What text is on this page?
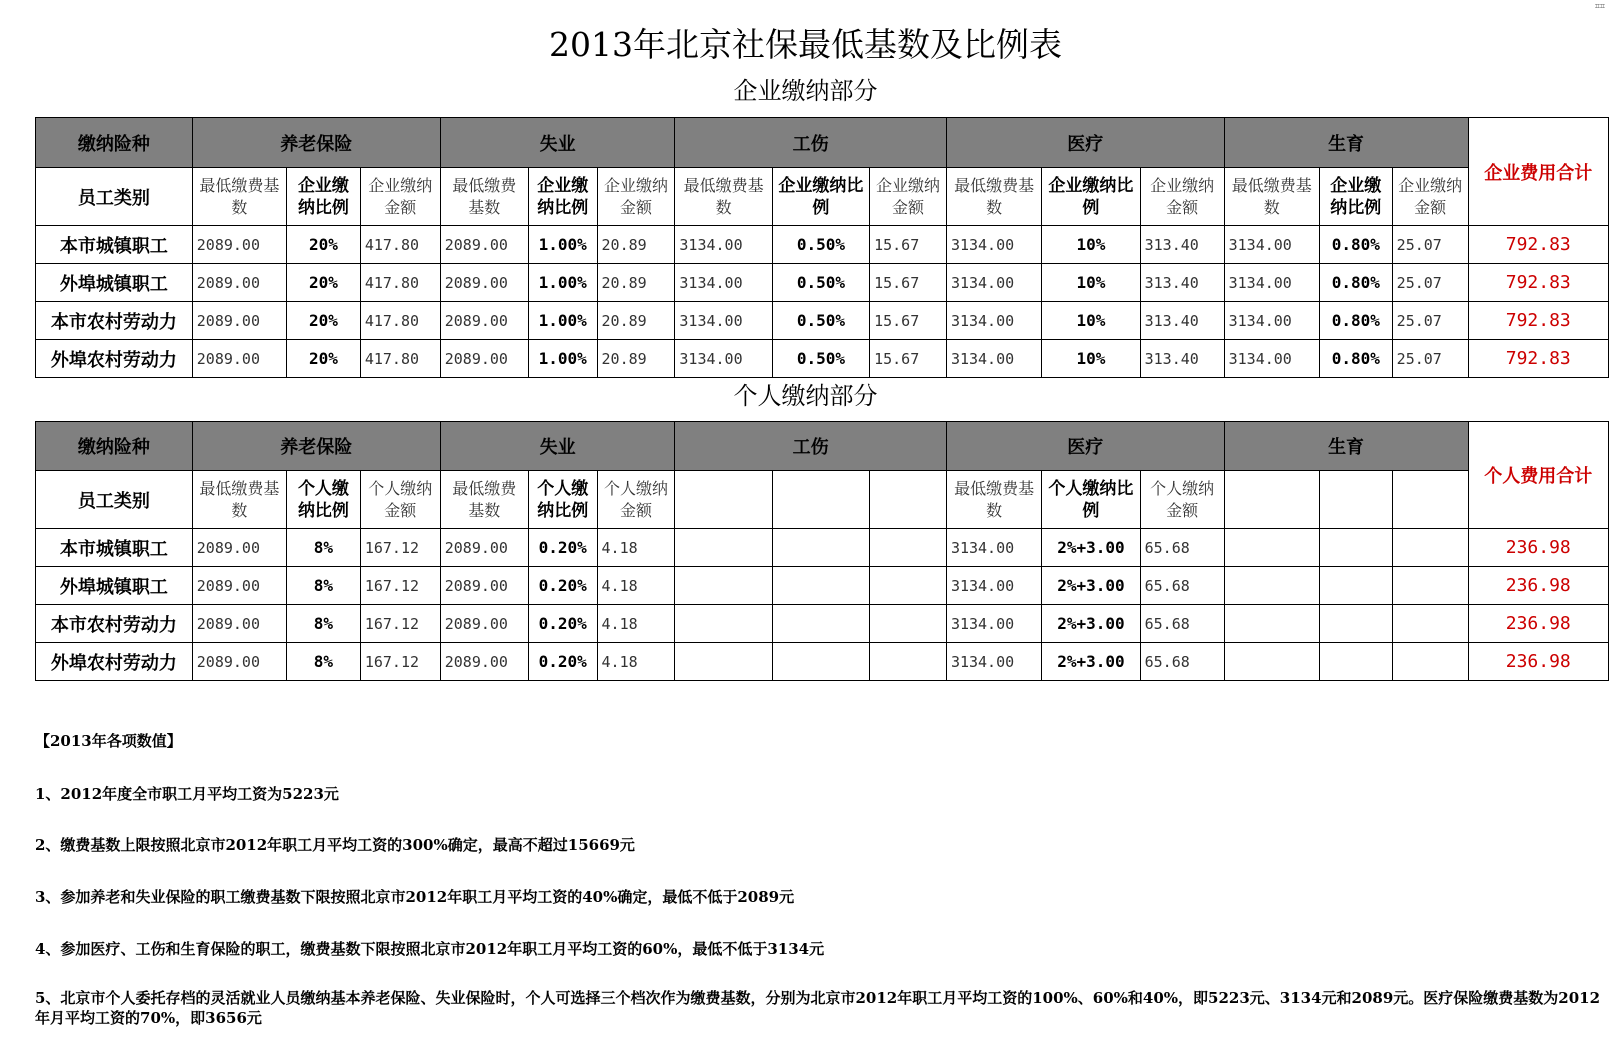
⌗⌗
2013年北京社保最低基数及比例表
企业缴纳部分
缴纳险种	养老保险			失业			工伤			医疗			生育			企业费用合计
员工类别	最低缴费基数	企业缴纳比例	企业缴纳金额	最低缴费基数	企业缴纳比例	企业缴纳金额	最低缴费基数	企业缴纳比例	企业缴纳金额	最低缴费基数	企业缴纳比例	企业缴纳金额	最低缴费基数	企业缴纳比例	企业缴纳金额	
本市城镇职工	2089.00	20%	417.80	2089.00	1.00%	20.89	3134.00	0.50%	15.67	3134.00	10%	313.40	3134.00	0.80%	25.07	792.83
外埠城镇职工	2089.00	20%	417.80	2089.00	1.00%	20.89	3134.00	0.50%	15.67	3134.00	10%	313.40	3134.00	0.80%	25.07	792.83
本市农村劳动力	2089.00	20%	417.80	2089.00	1.00%	20.89	3134.00	0.50%	15.67	3134.00	10%	313.40	3134.00	0.80%	25.07	792.83
外埠农村劳动力	2089.00	20%	417.80	2089.00	1.00%	20.89	3134.00	0.50%	15.67	3134.00	10%	313.40	3134.00	0.80%	25.07	792.83
个人缴纳部分
缴纳险种	养老保险			失业			工伤			医疗			生育			个人费用合计
员工类别	最低缴费基数	个人缴纳比例	个人缴纳金额	最低缴费基数	个人缴纳比例	个人缴纳金额				最低缴费基数	个人缴纳比例	个人缴纳金额				
本市城镇职工	2089.00	8%	167.12	2089.00	0.20%	4.18				3134.00	2%+3.00	65.68				236.98
外埠城镇职工	2089.00	8%	167.12	2089.00	0.20%	4.18				3134.00	2%+3.00	65.68				236.98
本市农村劳动力	2089.00	8%	167.12	2089.00	0.20%	4.18				3134.00	2%+3.00	65.68				236.98
外埠农村劳动力	2089.00	8%	167.12	2089.00	0.20%	4.18				3134.00	2%+3.00	65.68				236.98
【2013年各项数值】
1、2012年度全市职工月平均工资为5223元
2、缴费基数上限按照北京市2012年职工月平均工资的300%确定，最高不超过15669元
3、参加养老和失业保险的职工缴费基数下限按照北京市2012年职工月平均工资的40%确定，最低不低于2089元
4、参加医疗、工伤和生育保险的职工，缴费基数下限按照北京市2012年职工月平均工资的60%，最低不低于3134元
5、北京市个人委托存档的灵活就业人员缴纳基本养老保险、失业保险时，个人可选择三个档次作为缴费基数，分别为北京市2012年职工月平均工资的100%、60%和40%，即5223元、3134元和2089元。医疗保险缴费基数为2012年月平均工资的70%，即3656元
